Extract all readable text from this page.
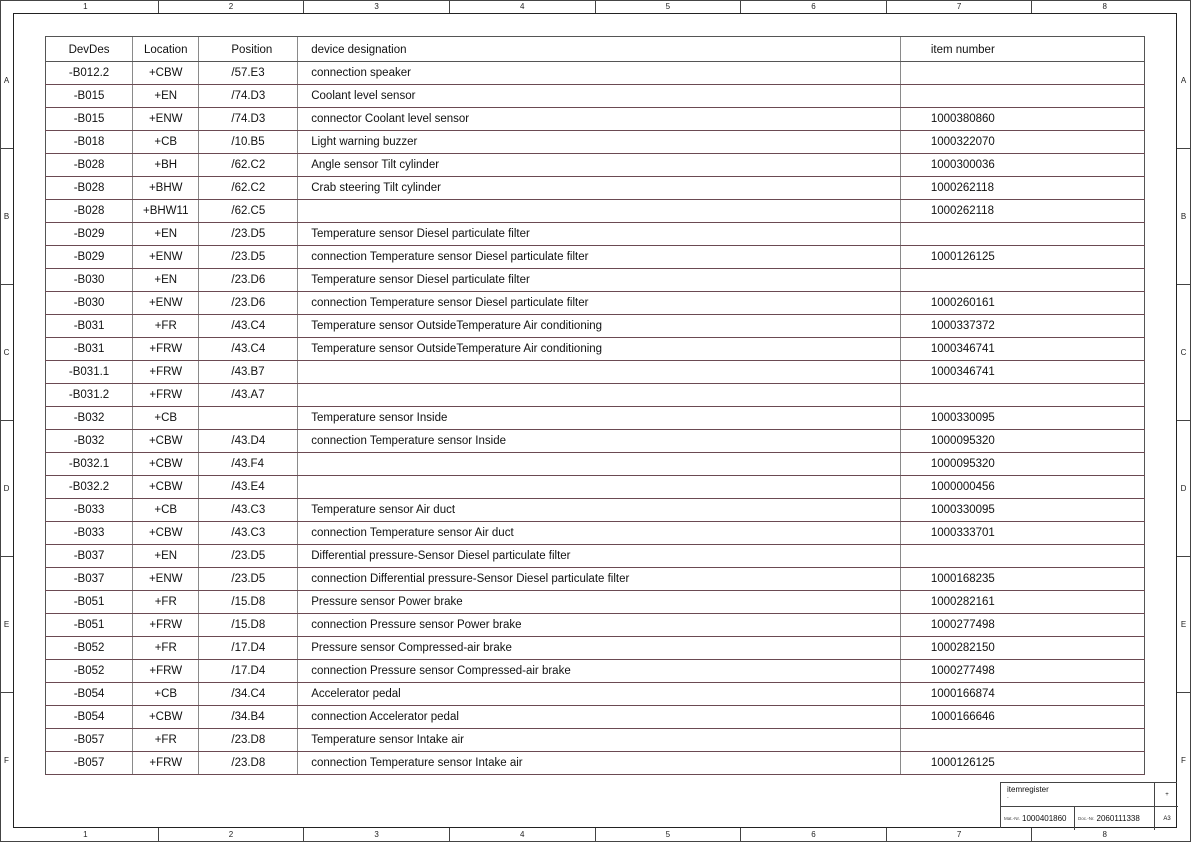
1	2	3	4	5	6	7	8
1	2	3	4	5	6	7	8
A
B
C
D
E
F
A
B
C
D
E
F
DevDes	Location	Position	device designation	item number
-B012.2	+CBW	/57.E3	connection speaker	
-B015	+EN	/74.D3	Coolant level sensor	
-B015	+ENW	/74.D3	connector Coolant level sensor	1000380860
-B018	+CB	/10.B5	Light warning buzzer	1000322070
-B028	+BH	/62.C2	Angle sensor Tilt cylinder	1000300036
-B028	+BHW	/62.C2	Crab steering Tilt cylinder	1000262118
-B028	+BHW11	/62.C5		1000262118
-B029	+EN	/23.D5	Temperature sensor Diesel particulate filter	
-B029	+ENW	/23.D5	connection Temperature sensor Diesel particulate filter	1000126125
-B030	+EN	/23.D6	Temperature sensor Diesel particulate filter	
-B030	+ENW	/23.D6	connection Temperature sensor Diesel particulate filter	1000260161
-B031	+FR	/43.C4	Temperature sensor OutsideTemperature Air conditioning	1000337372
-B031	+FRW	/43.C4	Temperature sensor OutsideTemperature Air conditioning	1000346741
-B031.1	+FRW	/43.B7		1000346741
-B031.2	+FRW	/43.A7		
-B032	+CB		Temperature sensor Inside	1000330095
-B032	+CBW	/43.D4	connection Temperature sensor Inside	1000095320
-B032.1	+CBW	/43.F4		1000095320
-B032.2	+CBW	/43.E4		1000000456
-B033	+CB	/43.C3	Temperature sensor Air duct	1000330095
-B033	+CBW	/43.C3	connection Temperature sensor Air duct	1000333701
-B037	+EN	/23.D5	Differential pressure-Sensor Diesel particulate filter	
-B037	+ENW	/23.D5	connection Differential pressure-Sensor Diesel particulate filter	1000168235
-B051	+FR	/15.D8	Pressure sensor Power brake	1000282161
-B051	+FRW	/15.D8	connection Pressure sensor Power brake	1000277498
-B052	+FR	/17.D4	Pressure sensor Compressed-air brake	1000282150
-B052	+FRW	/17.D4	connection Pressure sensor Compressed-air brake	1000277498
-B054	+CB	/34.C4	Accelerator pedal	1000166874
-B054	+CBW	/34.B4	connection Accelerator pedal	1000166646
-B057	+FR	/23.D8	Temperature sensor Intake air	
-B057	+FRW	/23.D8	connection Temperature sensor Intake air	1000126125
itemregister
-
+
Mat.-Nr. 1000401860	Doc.-Nr. 2060111338	A3
